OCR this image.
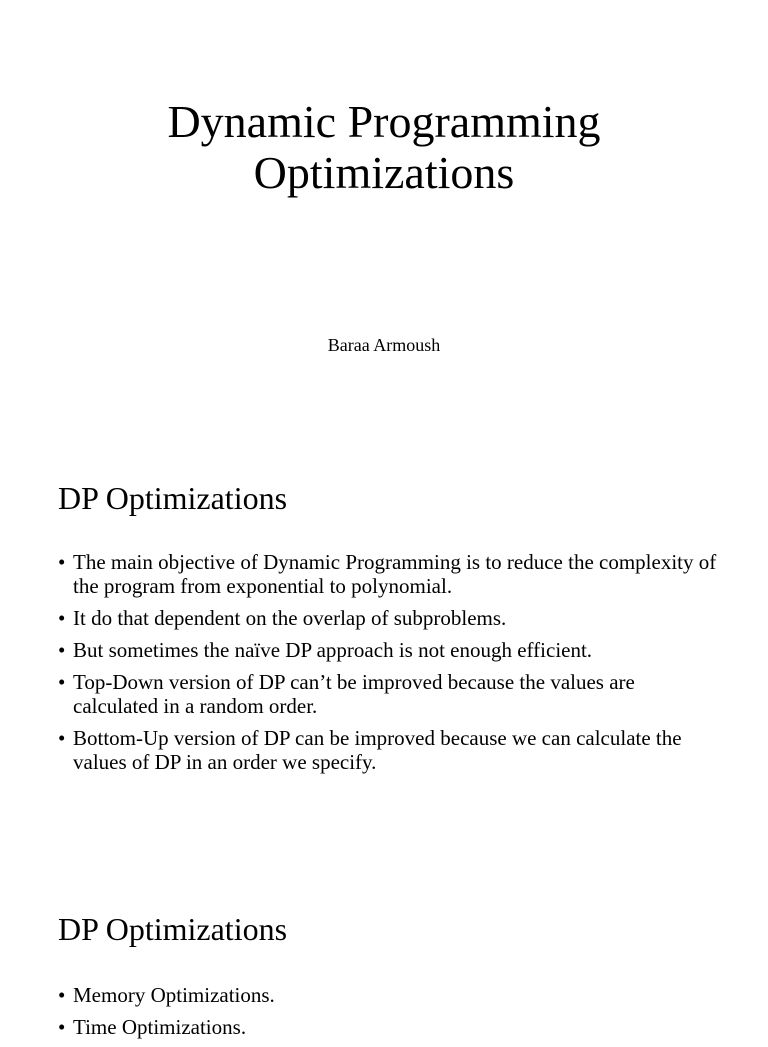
Dynamic Programming
Optimizations

Baraa Armoush

DP Optimizations
• The main objective of Dynamic Programming is to reduce the complexity of the program from exponential to polynomial.
• It do that dependent on the overlap of subproblems.
• But sometimes the naïve DP approach is not enough efficient.
• Top-Down version of DP can’t be improved because the values are calculated in a random order.
• Bottom-Up version of DP can be improved because we can calculate the values of DP in an order we specify.
DP Optimizations
• Memory Optimizations.
• Time Optimizations.
